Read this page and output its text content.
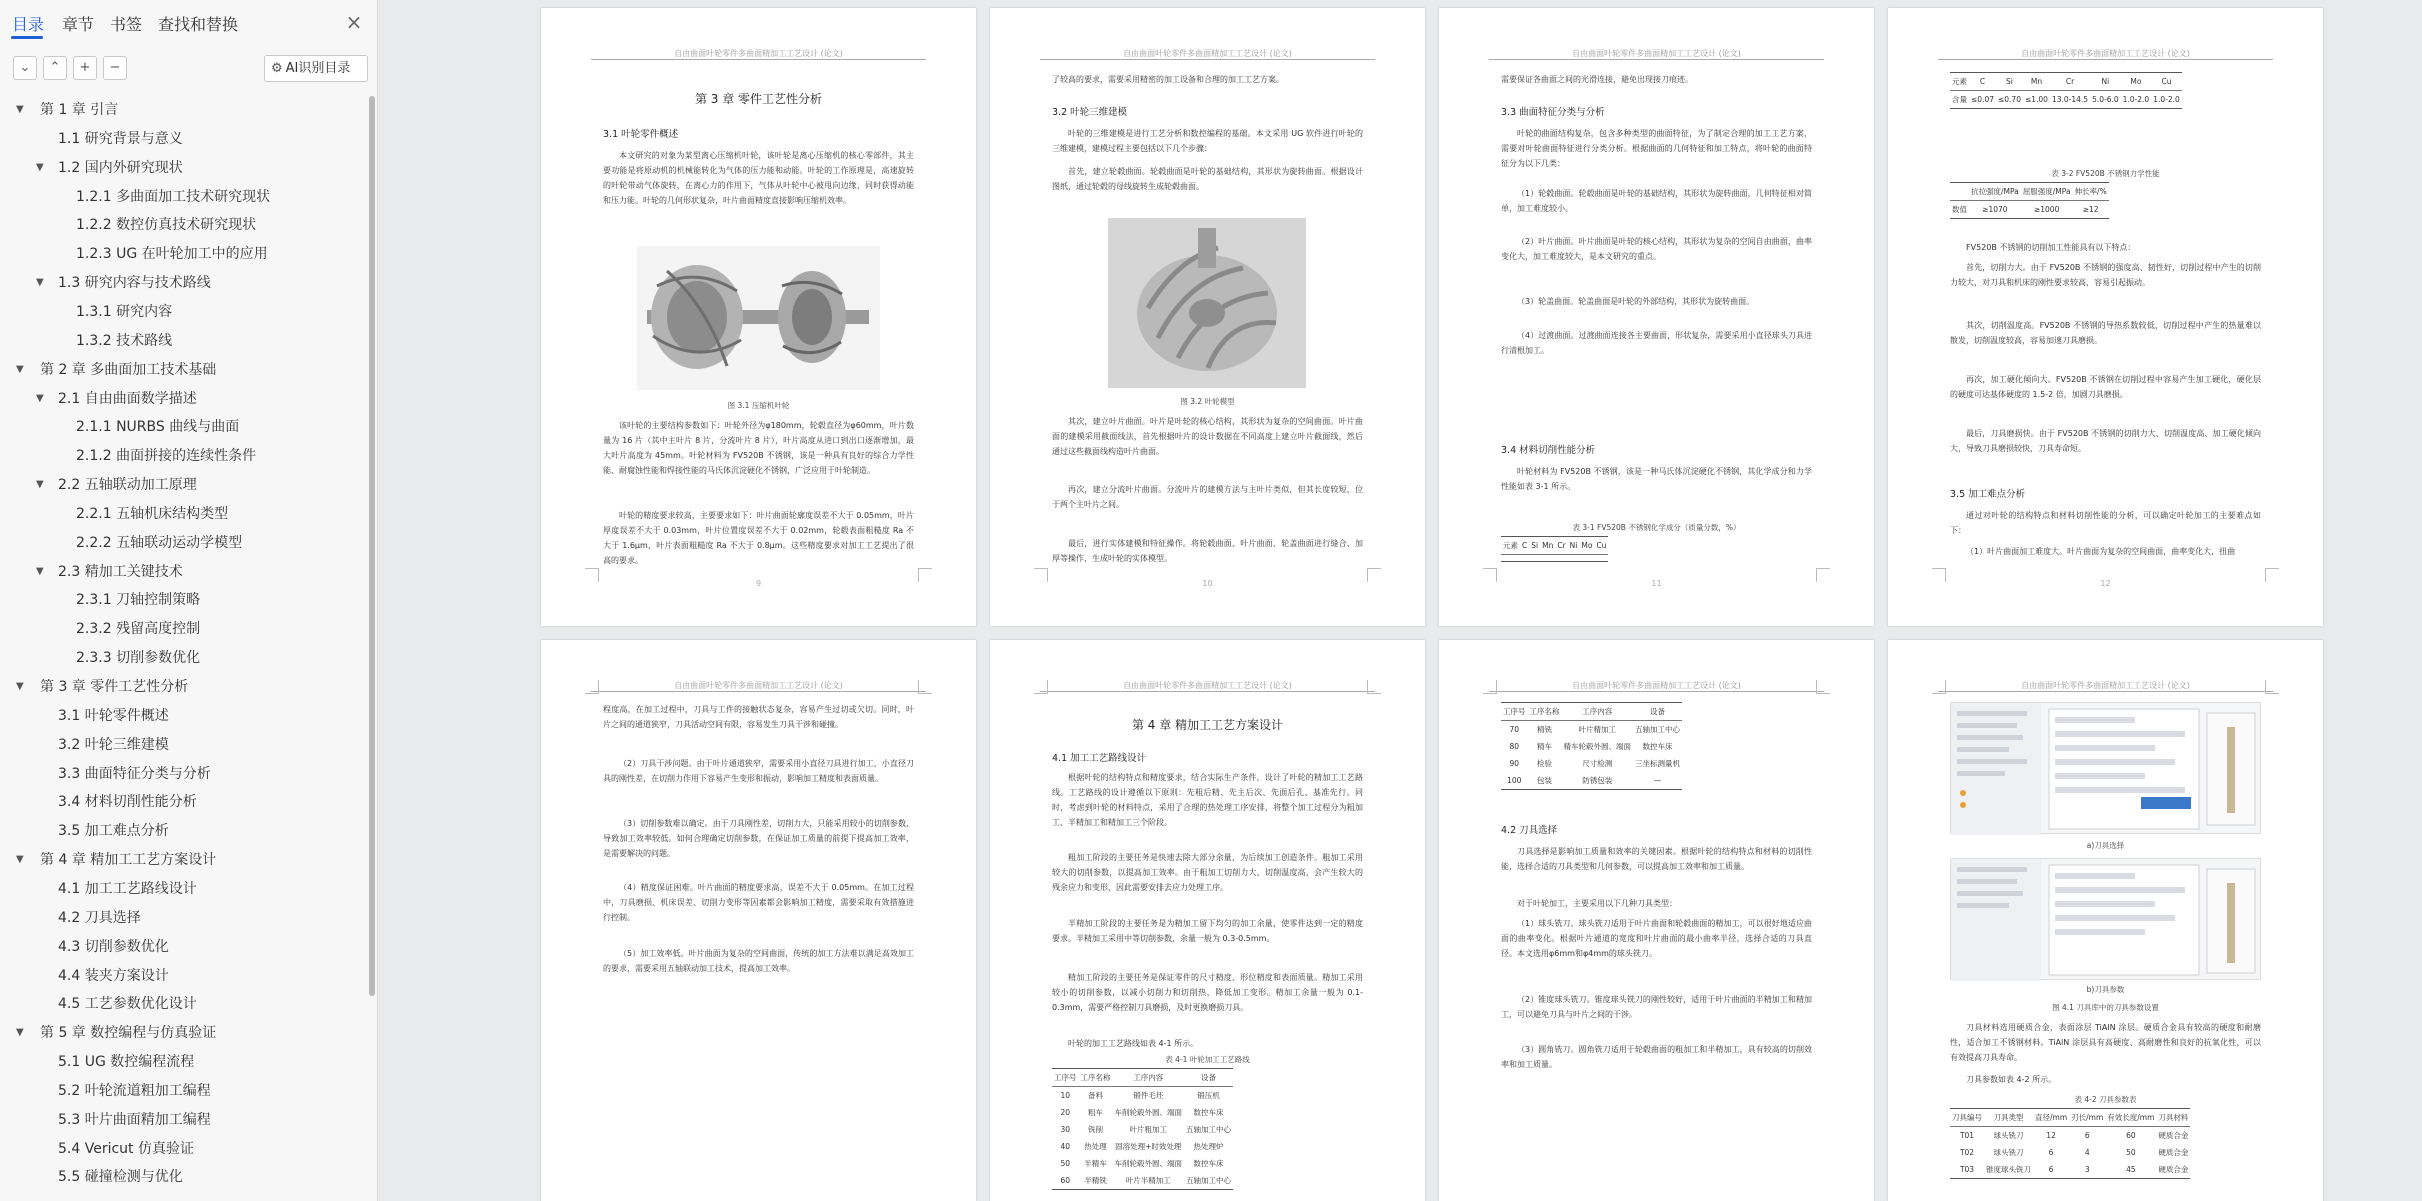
目录 章节 书签 查找和替换	×
⌄	⌃	+	−	⚙ AI识别目录
▼	第 1 章 引言
1.1 研究背景与意义
▼	1.2 国内外研究现状
1.2.1 多曲面加工技术研究现状
1.2.2 数控仿真技术研究现状
1.2.3 UG 在叶轮加工中的应用
▼	1.3 研究内容与技术路线
1.3.1 研究内容
1.3.2 技术路线
▼	第 2 章 多曲面加工技术基础
▼	2.1 自由曲面数学描述
2.1.1 NURBS 曲线与曲面
2.1.2 曲面拼接的连续性条件
▼	2.2 五轴联动加工原理
2.2.1 五轴机床结构类型
2.2.2 五轴联动运动学模型
▼	2.3 精加工关键技术
2.3.1 刀轴控制策略
2.3.2 残留高度控制
2.3.3 切削参数优化
▼	第 3 章 零件工艺性分析
3.1 叶轮零件概述
3.2 叶轮三维建模
3.3 曲面特征分类与分析
3.4 材料切削性能分析
3.5 加工难点分析
▼	第 4 章 精加工工艺方案设计
4.1 加工工艺路线设计
4.2 刀具选择
4.3 切削参数优化
4.4 装夹方案设计
4.5 工艺参数优化设计
▼	第 5 章 数控编程与仿真验证
5.1 UG 数控编程流程
5.2 叶轮流道粗加工编程
5.3 叶片曲面精加工编程
5.4 Vericut 仿真验证
5.5 碰撞检测与优化
自由曲面叶轮零件多曲面精加工工艺设计 (论文)
第 3 章 零件工艺性分析
3.1 叶轮零件概述
本文研究的对象为某型离心压缩机叶轮，该叶轮是离心压缩机的核心零部件，其主要功能是将原动机的机械能转化为气体的压力能和动能。叶轮的工作原理是，高速旋转的叶轮带动气体旋转，在离心力的作用下，气体从叶轮中心被甩向边缘，同时获得动能和压力能。叶轮的几何形状复杂，叶片曲面精度直接影响压缩机效率。
图 3.1 压缩机叶轮
该叶轮的主要结构参数如下：叶轮外径为φ180mm，轮毂直径为φ60mm，叶片数量为 16 片（其中主叶片 8 片，分流叶片 8 片），叶片高度从进口到出口逐渐增加，最大叶片高度为 45mm。叶轮材料为 FV520B 不锈钢，该是一种具有良好的综合力学性能、耐腐蚀性能和焊接性能的马氏体沉淀硬化不锈钢，广泛应用于叶轮制造。
叶轮的精度要求较高，主要要求如下：叶片曲面轮廓度误差不大于 0.05mm，叶片厚度误差不大于 0.03mm，叶片位置度误差不大于 0.02mm，轮毂表面粗糙度 Ra 不大于 1.6μm，叶片表面粗糙度 Ra 不大于 0.8μm。这些精度要求对加工工艺提出了很高的要求。
9
自由曲面叶轮零件多曲面精加工工艺设计 (论文)
了较高的要求，需要采用精密的加工设备和合理的加工工艺方案。
3.2 叶轮三维建模
叶轮的三维建模是进行工艺分析和数控编程的基础。本文采用 UG 软件进行叶轮的三维建模，建模过程主要包括以下几个步骤：
首先，建立轮毂曲面。轮毂曲面是叶轮的基础结构，其形状为旋转曲面。根据设计图纸，通过轮毂的母线旋转生成轮毂曲面。
图 3.2 叶轮模型
其次，建立叶片曲面。叶片是叶轮的核心结构，其形状为复杂的空间曲面。叶片曲面的建模采用截面线法，首先根据叶片的设计数据在不同高度上建立叶片截面线，然后通过这些截面线构造叶片曲面。
再次，建立分流叶片曲面。分流叶片的建模方法与主叶片类似，但其长度较短，位于两个主叶片之间。
最后，进行实体建模和特征操作。将轮毂曲面、叶片曲面、轮盖曲面进行缝合、加厚等操作，生成叶轮的实体模型。
10
自由曲面叶轮零件多曲面精加工工艺设计 (论文)
需要保证各曲面之间的光滑连接，避免出现接刀痕迹。
3.3 曲面特征分类与分析
叶轮的曲面结构复杂，包含多种类型的曲面特征，为了制定合理的加工工艺方案，需要对叶轮曲面特征进行分类分析。根据曲面的几何特征和加工特点，将叶轮的曲面特征分为以下几类：
（1）轮毂曲面。轮毂曲面是叶轮的基础结构，其形状为旋转曲面，几何特征相对简单，加工难度较小。
（2）叶片曲面。叶片曲面是叶轮的核心结构，其形状为复杂的空间自由曲面，曲率变化大，加工难度较大，是本文研究的重点。
（3）轮盖曲面。轮盖曲面是叶轮的外部结构，其形状为旋转曲面。
（4）过渡曲面。过渡曲面连接各主要曲面，形状复杂，需要采用小直径球头刀具进行清根加工。
3.4 材料切削性能分析
叶轮材料为 FV520B 不锈钢，该是一种马氏体沉淀硬化不锈钢，其化学成分和力学性能如表 3-1 所示。
表 3-1 FV520B 不锈钢化学成分（质量分数，%）
元素	C	Si	Mn	Cr	Ni	Mo	Cu

11
自由曲面叶轮零件多曲面精加工工艺设计 (论文)
元素	C	Si	Mn	Cr	Ni	Mo	Cu
含量	≤0.07	≤0.70	≤1.00	13.0-14.5	5.0-6.0	1.0-2.0	1.0-2.0
表 3-2 FV520B 不锈钢力学性能
	抗拉强度/MPa	屈服强度/MPa	伸长率/%
数值	≥1070	≥1000	≥12
FV520B 不锈钢的切削加工性能具有以下特点：
首先，切削力大。由于 FV520B 不锈钢的强度高、韧性好，切削过程中产生的切削力较大，对刀具和机床的刚性要求较高，容易引起振动。
其次，切削温度高。FV520B 不锈钢的导热系数较低，切削过程中产生的热量难以散发，切削温度较高，容易加速刀具磨损。
再次，加工硬化倾向大。FV520B 不锈钢在切削过程中容易产生加工硬化，硬化层的硬度可达基体硬度的 1.5-2 倍，加剧刀具磨损。
最后，刀具磨损快。由于 FV520B 不锈钢的切削力大、切削温度高、加工硬化倾向大，导致刀具磨损较快，刀具寿命短。
3.5 加工难点分析
通过对叶轮的结构特点和材料切削性能的分析，可以确定叶轮加工的主要难点如下：
（1）叶片曲面加工难度大。叶片曲面为复杂的空间曲面，曲率变化大，扭曲
12
自由曲面叶轮零件多曲面精加工工艺设计 (论文)
程度高，在加工过程中，刀具与工件的接触状态复杂，容易产生过切或欠切。同时，叶片之间的通道狭窄，刀具活动空间有限，容易发生刀具干涉和碰撞。
（2）刀具干涉问题。由于叶片通道狭窄，需要采用小直径刀具进行加工，小直径刀具的刚性差，在切削力作用下容易产生变形和振动，影响加工精度和表面质量。
（3）切削参数难以确定。由于刀具刚性差，切削力大，只能采用较小的切削参数，导致加工效率较低。如何合理确定切削参数，在保证加工质量的前提下提高加工效率，是需要解决的问题。
（4）精度保证困难。叶片曲面的精度要求高，误差不大于 0.05mm。在加工过程中，刀具磨损、机床误差、切削力变形等因素都会影响加工精度，需要采取有效措施进行控制。
（5）加工效率低。叶片曲面为复杂的空间曲面，传统的加工方法难以满足高效加工的要求，需要采用五轴联动加工技术，提高加工效率。
自由曲面叶轮零件多曲面精加工工艺设计 (论文)
第 4 章 精加工工艺方案设计
4.1 加工工艺路线设计
根据叶轮的结构特点和精度要求，结合实际生产条件，设计了叶轮的精加工工艺路线。工艺路线的设计遵循以下原则：先粗后精、先主后次、先面后孔、基准先行。同时，考虑到叶轮的材料特点，采用了合理的热处理工序安排，将整个加工过程分为粗加工、半精加工和精加工三个阶段。
粗加工阶段的主要任务是快速去除大部分余量，为后续加工创造条件。粗加工采用较大的切削参数，以提高加工效率。由于粗加工切削力大，切削温度高，会产生较大的残余应力和变形，因此需要安排去应力处理工序。
半精加工阶段的主要任务是为精加工留下均匀的加工余量，使零件达到一定的精度要求。半精加工采用中等切削参数，余量一般为 0.3-0.5mm。
精加工阶段的主要任务是保证零件的尺寸精度、形位精度和表面质量。精加工采用较小的切削参数，以减小切削力和切削热，降低加工变形。精加工余量一般为 0.1-0.3mm，需要严格控制刀具磨损，及时更换磨损刀具。
叶轮的加工工艺路线如表 4-1 所示。
表 4-1 叶轮加工工艺路线
工序号	工序名称	工序内容	设备
10	备料	锻件毛坯	锻压机
20	粗车	车削轮毂外圆、端面	数控车床
30	铣削	叶片粗加工	五轴加工中心
40	热处理	固溶处理+时效处理	热处理炉
50	半精车	车削轮毂外圆、端面	数控车床
60	半精铣	叶片半精加工	五轴加工中心
自由曲面叶轮零件多曲面精加工工艺设计 (论文)
工序号	工序名称	工序内容	设备
70	精铣	叶片精加工	五轴加工中心
80	精车	精车轮毂外圆、端面	数控车床
90	检验	尺寸检测	三坐标测量机
100	包装	防锈包装	—
4.2 刀具选择
刀具选择是影响加工质量和效率的关键因素。根据叶轮的结构特点和材料的切削性能，选择合适的刀具类型和几何参数，可以提高加工效率和加工质量。
对于叶轮加工，主要采用以下几种刀具类型：
（1）球头铣刀。球头铣刀适用于叶片曲面和轮毂曲面的精加工，可以很好地适应曲面的曲率变化。根据叶片通道的宽度和叶片曲面的最小曲率半径，选择合适的刀具直径。本文选用φ6mm和φ4mm的球头铣刀。
（2）锥度球头铣刀。锥度球头铣刀的刚性较好，适用于叶片曲面的半精加工和精加工，可以避免刀具与叶片之间的干涉。
（3）圆角铣刀。圆角铣刀适用于轮毂曲面的粗加工和半精加工，具有较高的切削效率和加工质量。
自由曲面叶轮零件多曲面精加工工艺设计 (论文)
a)刀具选择
b)刀具参数
图 4.1 刀具库中的刀具参数设置
刀具材料选用硬质合金，表面涂层 TiAlN 涂层。硬质合金具有较高的硬度和耐磨性，适合加工不锈钢材料。TiAlN 涂层具有高硬度、高耐磨性和良好的抗氧化性，可以有效提高刀具寿命。
刀具参数如表 4-2 所示。
表 4-2 刀具参数表
刀具编号	刀具类型	直径/mm	刃长/mm	有效长度/mm	刀具材料
T01	球头铣刀	12	6	60	硬质合金
T02	球头铣刀	6	4	50	硬质合金
T03	锥度球头铣刀	6	3	45	硬质合金
